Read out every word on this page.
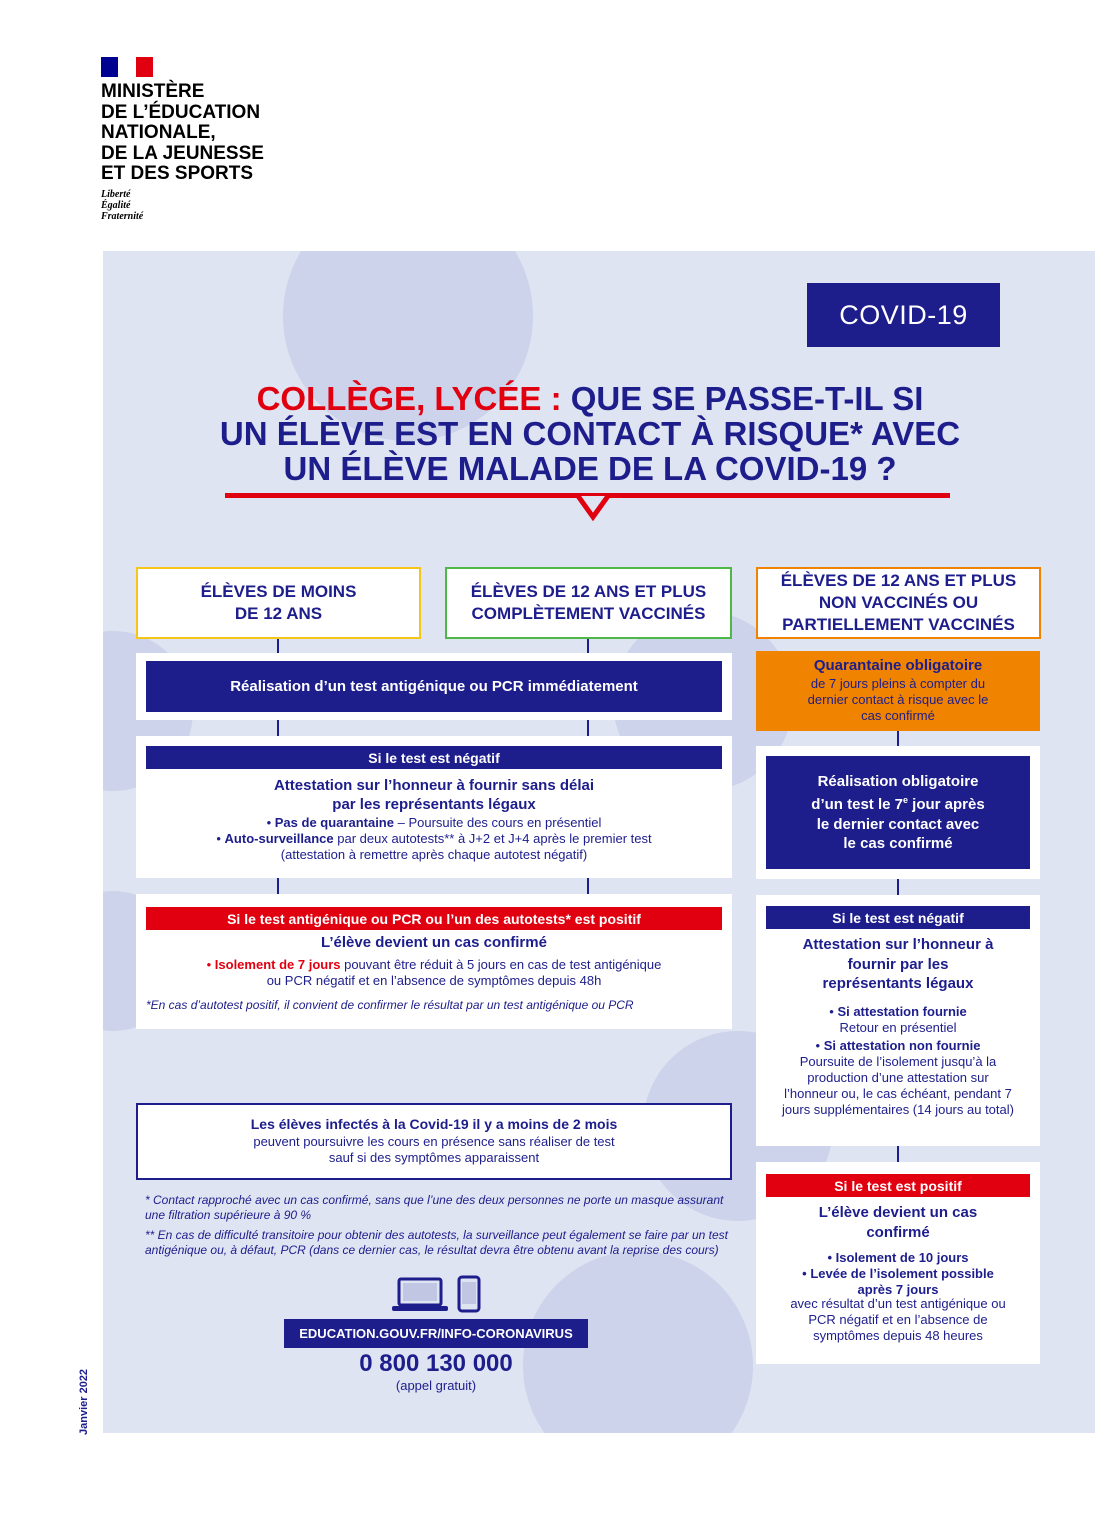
MINISTÈRE
DE L’ÉDUCATION
NATIONALE,
DE LA JEUNESSE
ET DES SPORTS
Liberté
Égalité
Fraternité
COVID-19
COLLÈGE, LYCÉE : QUE SE PASSE-T-IL SI
UN ÉLÈVE EST EN CONTACT À RISQUE* AVEC
UN ÉLÈVE MALADE DE LA COVID-19 ?
ÉLÈVES DE MOINS DE 12 ANS
ÉLÈVES DE 12 ANS ET PLUS COMPLÈTEMENT VACCINÉS
ÉLÈVES DE 12 ANS ET PLUS NON VACCINÉS OU PARTIELLEMENT VACCINÉS
Réalisation d’un test antigénique ou PCR immédiatement
Si le test est négatif
Attestation sur l’honneur à fournir sans délai
par les représentants légaux
• Pas de quarantaine – Poursuite des cours en présentiel
• Auto-surveillance par deux autotests** à J+2 et J+4 après le premier test
(attestation à remettre après chaque autotest négatif)
Si le test antigénique ou PCR ou l’un des autotests* est positif
L’élève devient un cas confirmé
• Isolement de 7 jours pouvant être réduit à 5 jours en cas de test antigénique
ou PCR négatif et en l’absence de symptômes depuis 48h
*En cas d’autotest positif, il convient de confirmer le résultat par un test antigénique ou PCR
Les élèves infectés à la Covid-19 il y a moins de 2 mois
peuvent poursuivre les cours en présence sans réaliser de test
sauf si des symptômes apparaissent
* Contact rapproché avec un cas confirmé, sans que l’une des deux personnes ne porte un masque assurant une filtration supérieure à 90 %
** En cas de difficulté transitoire pour obtenir des autotests, la surveillance peut également se faire par un test antigénique ou, à défaut, PCR (dans ce dernier cas, le résultat devra être obtenu avant la reprise des cours)
EDUCATION.GOUV.FR/INFO-CORONAVIRUS
0 800 130 000
(appel gratuit)
Janvier 2022
Quarantaine obligatoire
de 7 jours pleins à compter du dernier contact à risque avec le cas confirmé
Réalisation obligatoire
d’un test le 7e jour après
le dernier contact avec
le cas confirmé
Si le test est négatif
Attestation sur l’honneur à fournir par les représentants légaux
• Si attestation fournie
Retour en présentiel
• Si attestation non fournie
Poursuite de l’isolement jusqu’à la production d’une attestation sur l’honneur ou, le cas échéant, pendant 7 jours supplémentaires (14 jours au total)
Si le test est positif
L’élève devient un cas confirmé
• Isolement de 10 jours
• Levée de l’isolement possible après 7 jours
avec résultat d’un test antigénique ou PCR négatif et en l’absence de symptômes depuis 48 heures
